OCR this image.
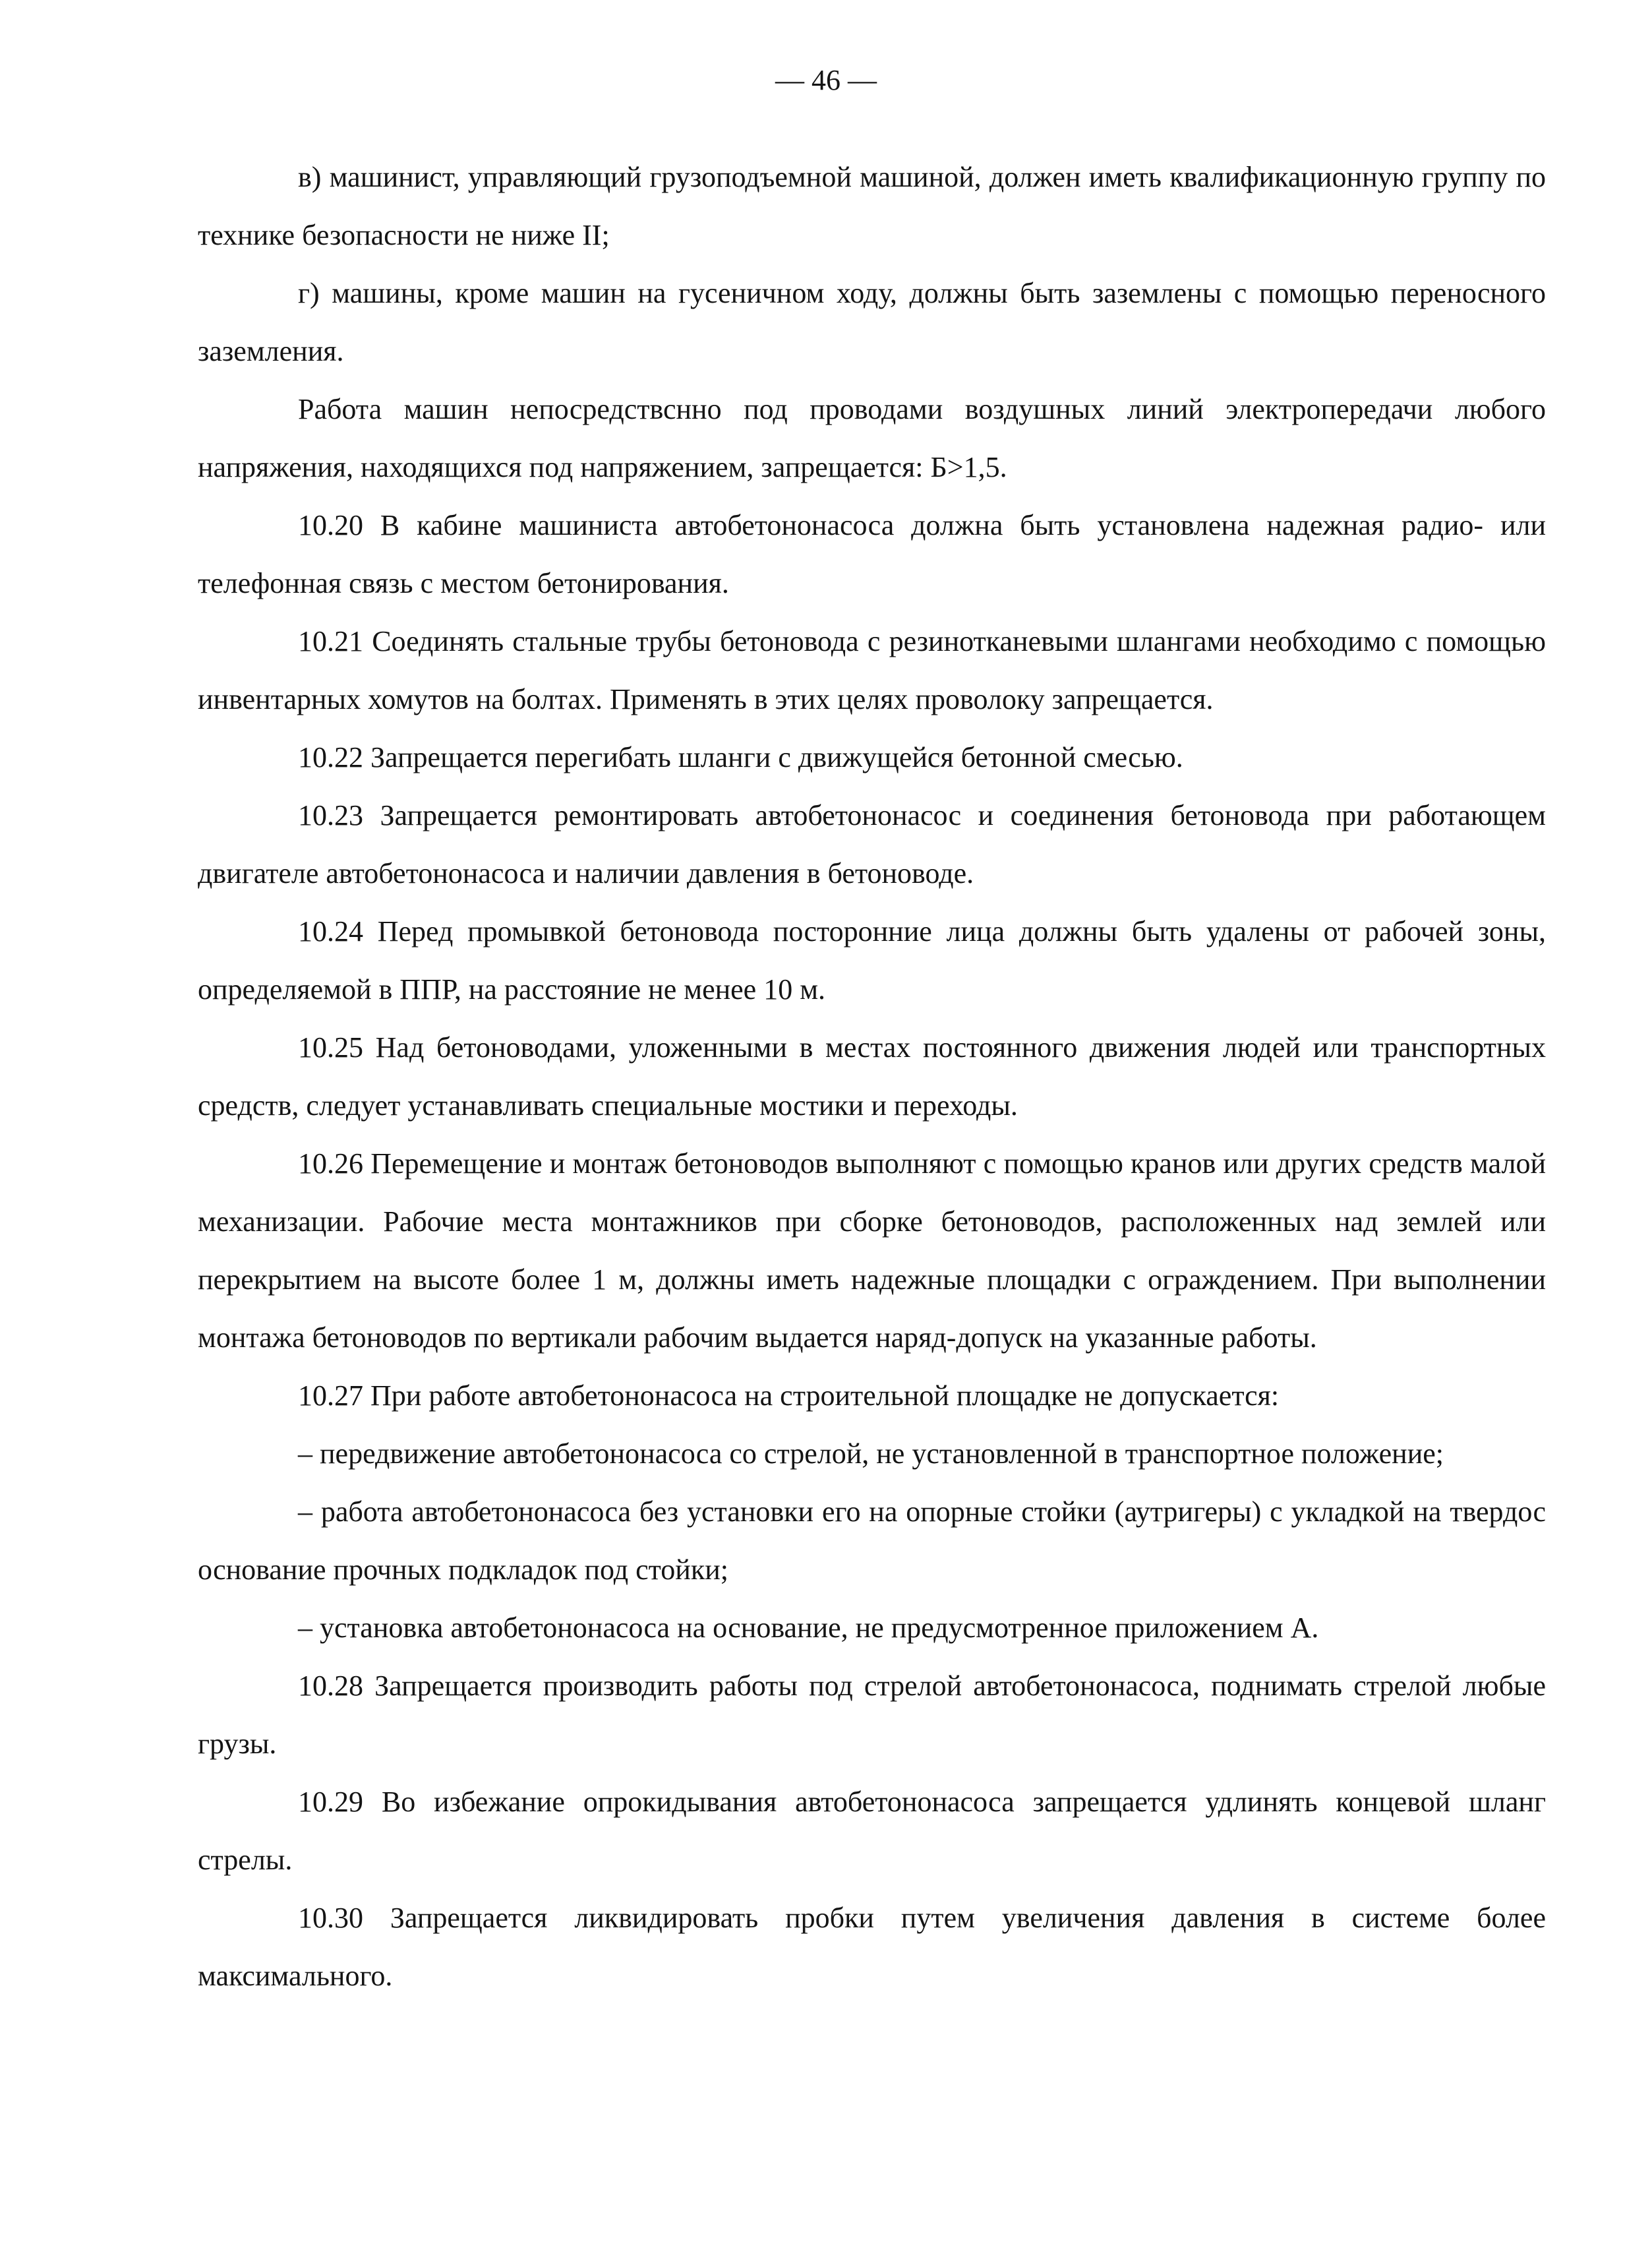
— 46 —

в) машинист, управляющий грузоподъемной машиной, должен иметь квалификационную группу по технике безопасности не ниже II;

г) машины, кроме машин на гусеничном ходу, должны быть заземлены с помощью переносного заземления.

Работа машин непосредствснно под проводами воздушных линий электропередачи любого напряжения, находящихся под напряжением, запрещается: Б>1,5.

10.20 В кабине машиниста автобетононасоса должна быть установлена надежная радио- или телефонная связь с местом бетонирования.

10.21 Соединять стальные трубы бетоновода с резинотканевыми шлангами необходимо с помощью инвентарных хомутов на болтах. Применять в этих целях проволоку запрещается.

10.22 Запрещается перегибать шланги с движущейся бетонной смесью.

10.23 Запрещается ремонтировать автобетононасос и соединения бетоновода при работающем двигателе автобетононасоса и наличии давления в бетоноводе.

10.24 Перед промывкой бетоновода посторонние лица должны быть удалены от рабочей зоны, определяемой в ППР, на расстояние не менее 10 м.

10.25 Над бетоноводами, уложенными в местах постоянного движения людей или транспортных средств, следует устанавливать специальные мостики и переходы.

10.26 Перемещение и монтаж бетоноводов выполняют с помощью кранов или других средств малой механизации. Рабочие места монтажников при сборке бетоноводов, расположенных над землей или перекрытием на высоте более 1 м, должны иметь надежные площадки с ограждением. При выполнении монтажа бетоноводов по вертикали рабочим выдается наряд-допуск на указанные работы.

10.27 При работе автобетононасоса на строительной площадке не допускается:

– передвижение автобетононасоса со стрелой, не установленной в транспортное положение;

– работа автобетононасоса без установки его на опорные стойки (аутригеры) с укладкой на твердос основание прочных подкладок под стойки;

– установка автобетононасоса на основание, не предусмотренное приложением А.

10.28 Запрещается производить работы под стрелой автобетононасоса, поднимать стрелой любые грузы.

10.29 Во избежание опрокидывания автобетононасоса запрещается удлинять концевой шланг стрелы.

10.30 Запрещается ликвидировать пробки путем увеличения давления в системе более максимального.
